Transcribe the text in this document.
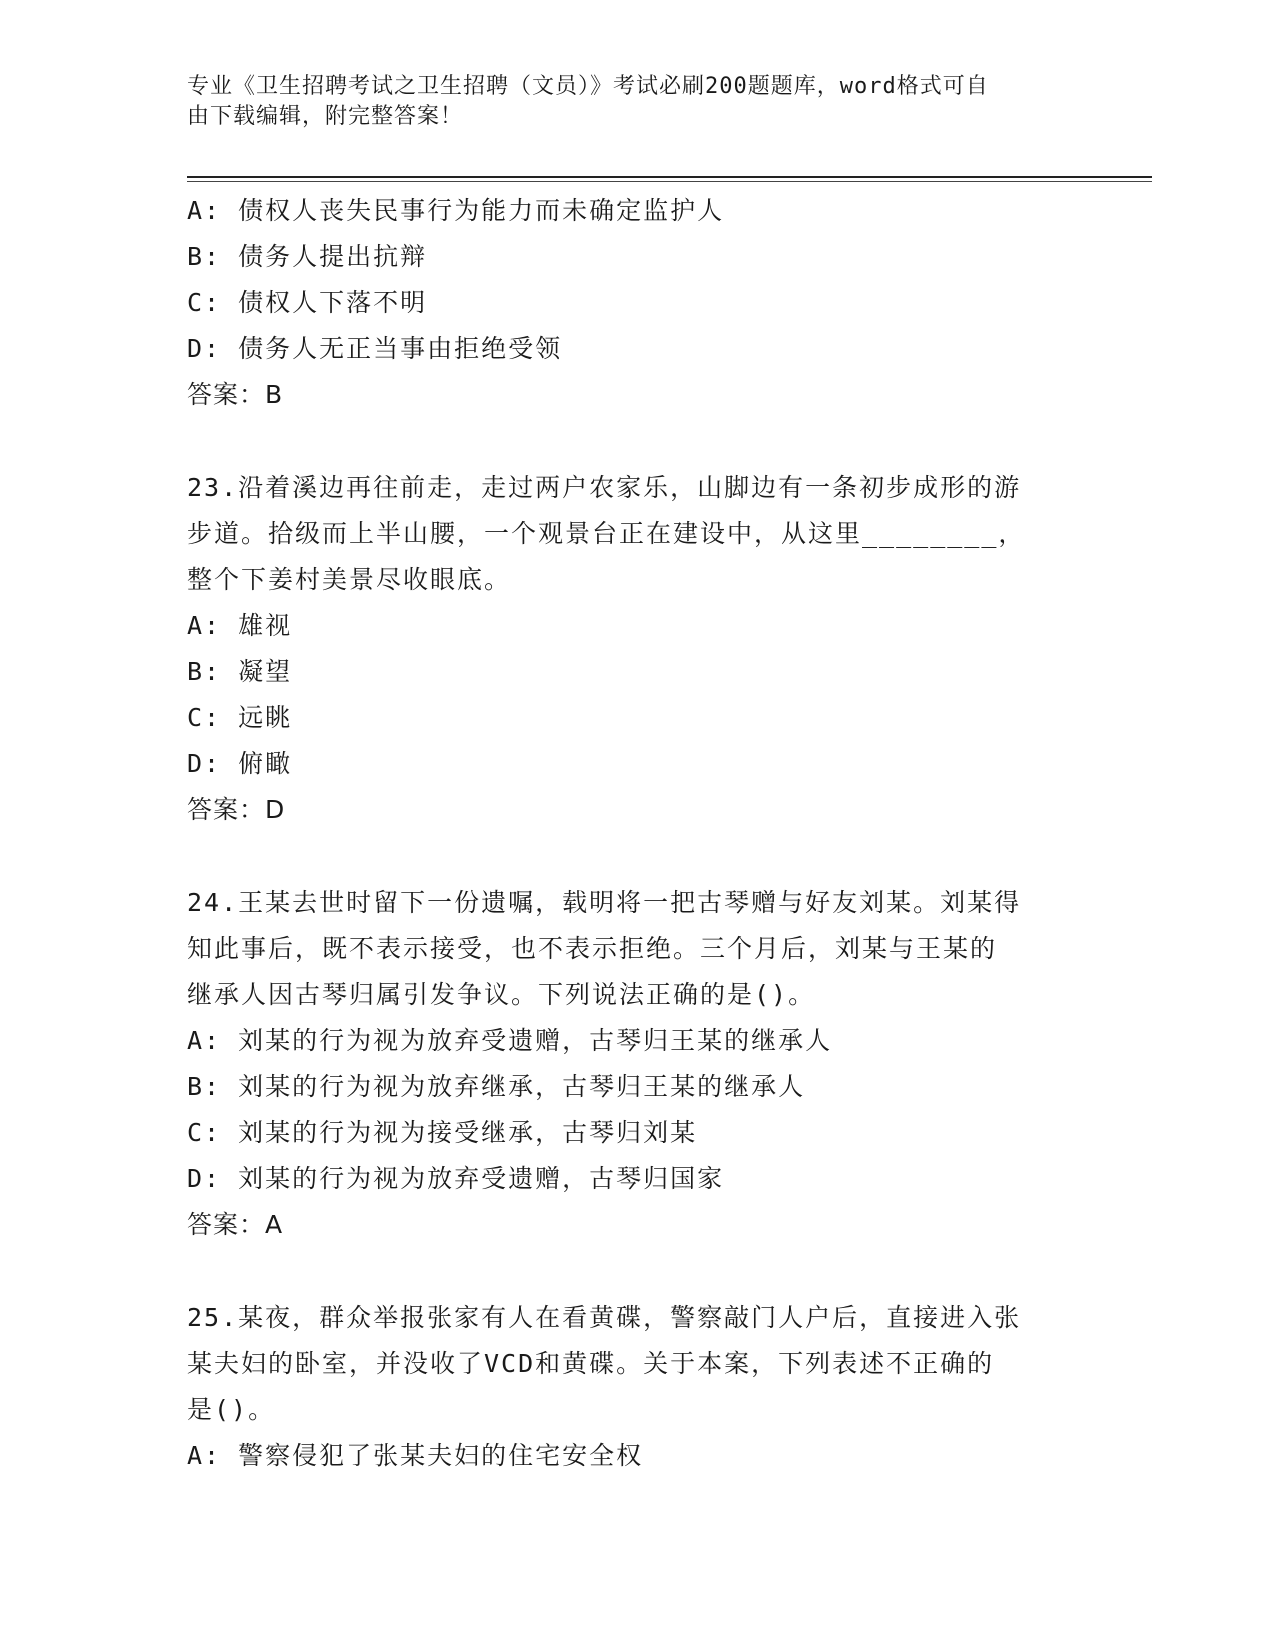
专业《卫生招聘考试之卫生招聘（文员）》考试必刷200题题库，word格式可自
由下载编辑，附完整答案！
A: 债权人丧失民事行为能力而未确定监护人
B: 债务人提出抗辩
C: 债权人下落不明
D: 债务人无正当事由拒绝受领
答案：B
23.沿着溪边再往前走，走过两户农家乐，山脚边有一条初步成形的游
步道。拾级而上半山腰，一个观景台正在建设中，从这里________，
整个下姜村美景尽收眼底。
A: 雄视
B: 凝望
C: 远眺
D: 俯瞰
答案：D
24.王某去世时留下一份遗嘱，载明将一把古琴赠与好友刘某。刘某得
知此事后，既不表示接受，也不表示拒绝。三个月后，刘某与王某的
继承人因古琴归属引发争议。下列说法正确的是()。
A: 刘某的行为视为放弃受遗赠，古琴归王某的继承人
B: 刘某的行为视为放弃继承，古琴归王某的继承人
C: 刘某的行为视为接受继承，古琴归刘某
D: 刘某的行为视为放弃受遗赠，古琴归国家
答案：A
25.某夜，群众举报张家有人在看黄碟，警察敲门人户后，直接进入张
某夫妇的卧室，并没收了VCD和黄碟。关于本案，下列表述不正确的
是()。
A: 警察侵犯了张某夫妇的住宅安全权
